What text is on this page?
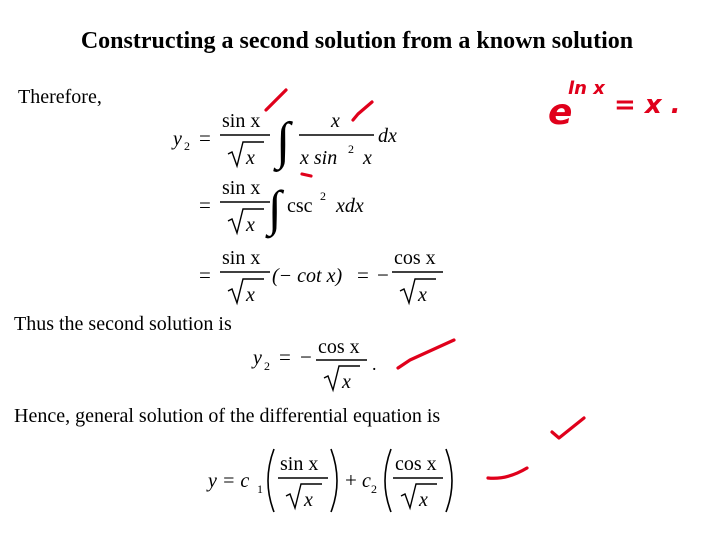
Constructing a second solution from a known solution
Therefore,
Thus the second solution is
Hence, general solution of the differential equation is
y 2 =
sin x
x ∫ x
x sin 2 x
dx
=
sin x
x ∫ csc 2 xdx
=
sin x
x
(− cot x) = −
cos x
x
y 2 = − cos x
x
.
y = c 1
sin x
x
+ c 2
cos x
x
e
ln x
= x .
